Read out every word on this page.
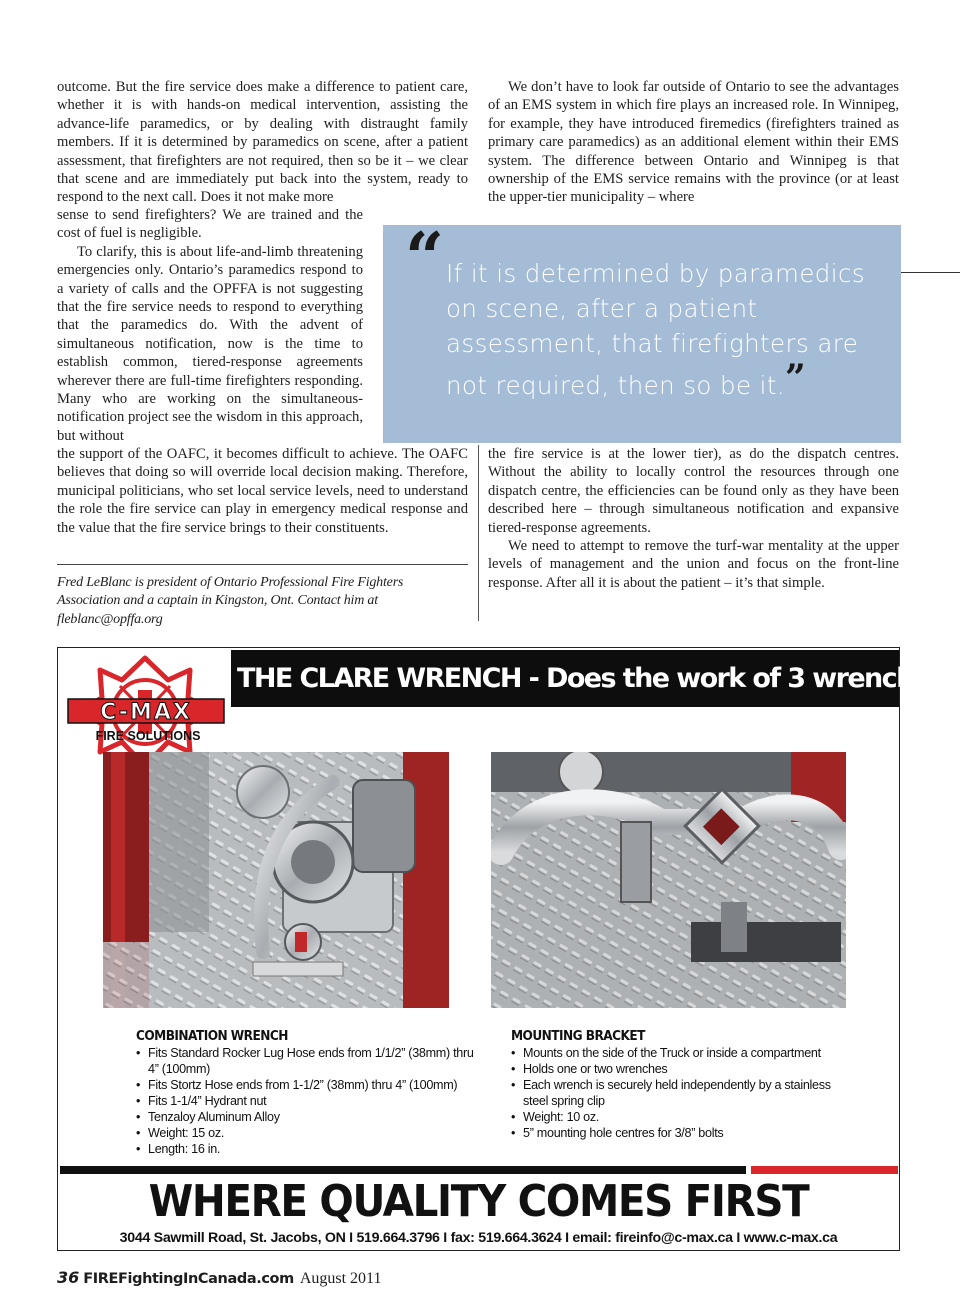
outcome. But the fire service does make a difference to patient care, whether it is with hands-on medical intervention, assisting the advance-life paramedics, or by dealing with distraught family members. If it is determined by paramedics on scene, after a patient assessment, that firefighters are not required, then so be it – we clear that scene and are immediately put back into the system, ready to respond to the next call. Does it not make more

sense to send firefighters? We are trained and the cost of fuel is negligible.

To clarify, this is about life-and-limb threatening emergencies only. Ontario’s paramedics respond to a variety of calls and the OPFFA is not suggesting that the fire service needs to respond to everything that the paramedics do. With the advent of simultaneous notification, now is the time to establish common, tiered-response agreements wherever there are full-time firefighters responding. Many who are working on the simultaneous-notification project see the wisdom in this approach, but without

the support of the OAFC, it becomes difficult to achieve. The OAFC believes that doing so will override local decision making. Therefore, municipal politicians, who set local service levels, need to understand the role the fire service can play in emergency medical response and the value that the fire service brings to their constituents.

We don’t have to look far outside of Ontario to see the advantages of an EMS system in which fire plays an increased role. In Winnipeg, for example, they have introduced firemedics (firefighters trained as primary care paramedics) as an additional element within their EMS system. The difference between Ontario and Winnipeg is that ownership of the EMS service remains with the province (or at least the upper-tier municipality – where

the fire service is at the lower tier), as do the dispatch centres. Without the ability to locally control the resources through one dispatch centre, the efficiencies can be found only as they have been described here – through simultaneous notification and expansive tiered-response agreements.

We need to attempt to remove the turf-war mentality at the upper levels of management and the union and focus on the front-line response. After all it is about the patient – it’s that simple.

Fred LeBlanc is president of Ontario Professional Fire Fighters Association and a captain in Kingston, Ont. Contact him at fleblanc@opffa.org
“ If it is determined by paramedics on scene, after a patient assessment, that firefighters are not required, then so be it.”
THE CLARE WRENCH - Does the work of 3 wrenches!
C-MAX
FIRE SOLUTIONS
COMBINATION WRENCH
• Fits Standard Rocker Lug Hose ends from 1/1/2” (38mm) thru 4” (100mm)
• Fits Stortz Hose ends from 1-1/2” (38mm) thru 4” (100mm)
• Fits 1-1/4” Hydrant nut
• Tenzaloy Aluminum Alloy
• Weight: 15 oz.
• Length: 16 in.
MOUNTING BRACKET
• Mounts on the side of the Truck or inside a compartment
• Holds one or two wrenches
• Each wrench is securely held independently by a stainless steel spring clip
• Weight: 10 oz.
• 5” mounting hole centres for 3/8” bolts
WHERE QUALITY COMES FIRST
3044 Sawmill Road, St. Jacobs, ON I 519.664.3796 I fax: 519.664.3624 I email: fireinfo@c-max.ca I www.c-max.ca
36 FIREFightingInCanada.com August 2011
